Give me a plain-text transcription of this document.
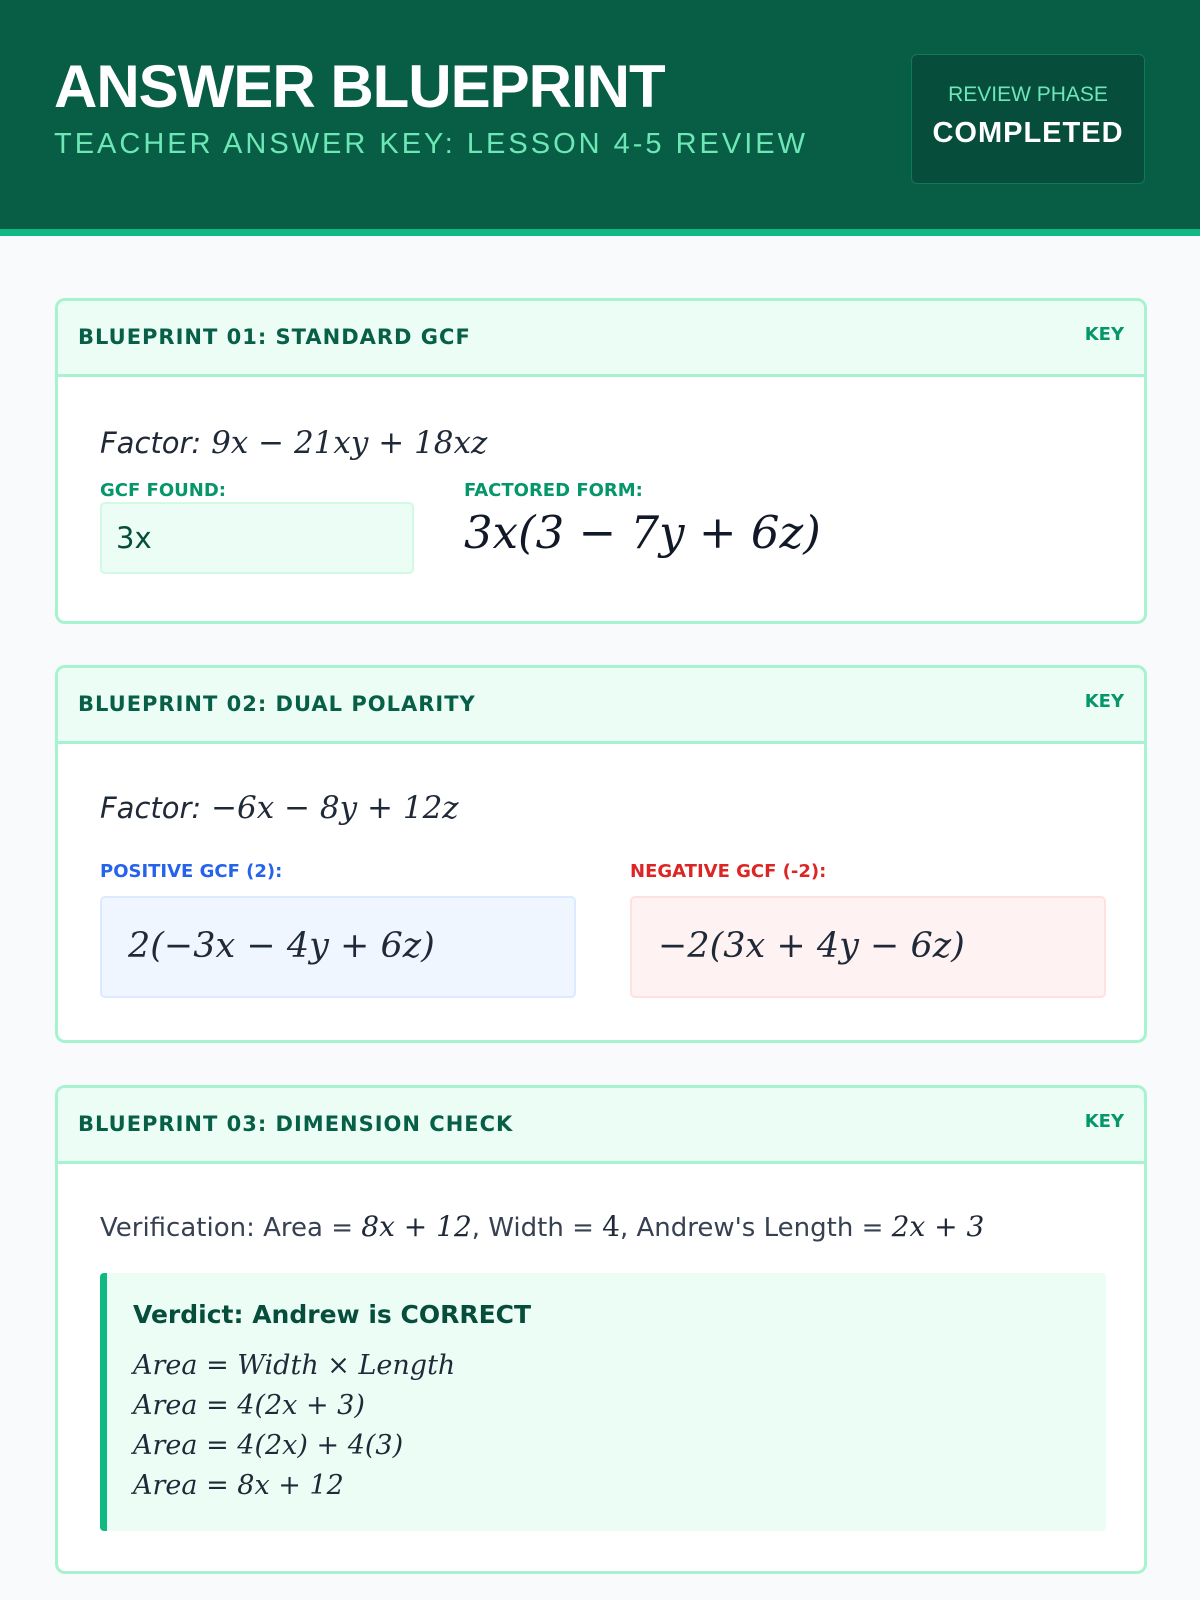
ANSWER BLUEPRINT
TEACHER ANSWER KEY: LESSON 4-5 REVIEW
REVIEW PHASE
COMPLETED
BLUEPRINT 01: STANDARD GCF	KEY
Factor: 9x − 21xy + 18xz
GCF FOUND:
3x
FACTORED FORM:
3x(3 − 7y + 6z)
BLUEPRINT 02: DUAL POLARITY	KEY
Factor: −6x − 8y + 12z
POSITIVE GCF (2):
2(−3x − 4y + 6z)
NEGATIVE GCF (-2):
−2(3x + 4y − 6z)
BLUEPRINT 03: DIMENSION CHECK	KEY
Verification: Area = 8x + 12, Width = 4, Andrew's Length = 2x + 3
Verdict: Andrew is CORRECT
Area = Width × Length
Area = 4(2x + 3)
Area = 4(2x) + 4(3)
Area = 8x + 12
